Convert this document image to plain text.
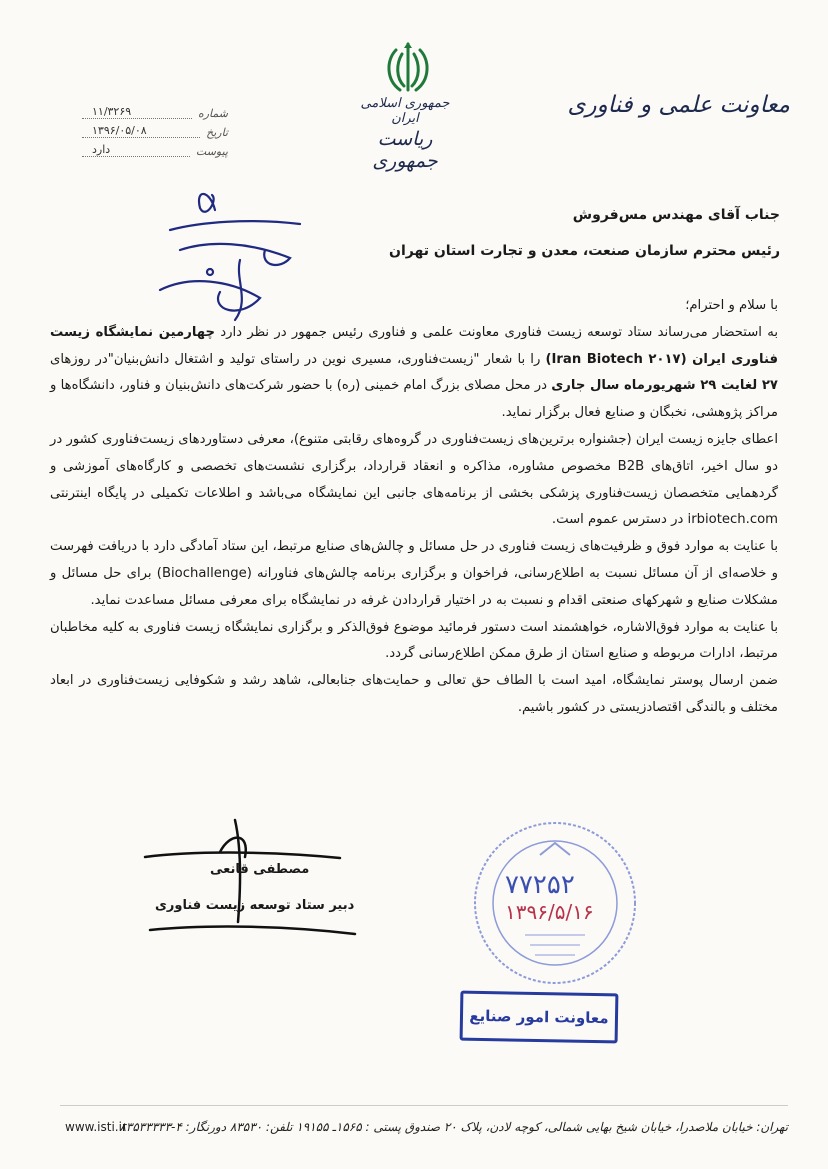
جمهوری اسلامی ایران
ریاست جمهوری
معاونت علمی و فناوری
شماره
۱۱/۳۲۶۹
تاریخ
۱۳۹۶/۰۵/۰۸
پیوست
دارد
جناب آقای مهندس مس‌فروش
رئیس محترم سازمان صنعت، معدن و تجارت استان تهران

با سلام و احترام؛

به استحضار می‌رساند ستاد توسعه زیست فناوری معاونت علمی و فناوری رئیس جمهور در نظر دارد چهارمین نمایشگاه زیست فناوری ایران (Iran Biotech ۲۰۱۷) را با شعار "زیست‌فناوری، مسیری نوین در راستای تولید و اشتغال دانش‌بنیان"در روزهای ۲۷ لغایت ۲۹ شهریورماه سال جاری در محل مصلای بزرگ امام خمینی (ره) با حضور شرکت‌های دانش‌بنیان و فناور، دانشگاه‌ها و مراکز پژوهشی، نخبگان و صنایع فعال برگزار نماید.

اعطای جایزه زیست ایران (جشنواره برترین‌های زیست‌فناوری در گروه‌های رقابتی متنوع)، معرفی دستاوردهای زیست‌فناوری کشور در دو سال اخیر، اتاق‌های B2B مخصوص مشاوره، مذاکره و انعقاد قرارداد، برگزاری نشست‌های تخصصی و کارگاه‌های آموزشی و گردهمایی متخصصان زیست‌فناوری پزشکی بخشی از برنامه‌های جانبی این نمایشگاه می‌باشد و اطلاعات تکمیلی در پایگاه اینترنتی irbiotech.com در دسترس عموم است.

با عنایت به موارد فوق و ظرفیت‌های زیست فناوری در حل مسائل و چالش‌های صنایع مرتبط، این ستاد آمادگی دارد با دریافت فهرست و خلاصه‌ای از آن مسائل نسبت به اطلاع‌رسانی، فراخوان و برگزاری برنامه چالش‌های فناورانه (Biochallenge) برای حل مسائل و مشکلات صنایع و شهرکهای صنعتی اقدام و نسبت به در اختیار قراردادن غرفه در نمایشگاه برای معرفی مسائل مساعدت نماید.

با عنایت به موارد فوق‌الاشاره، خواهشمند است دستور فرمائید موضوع فوق‌الذکر و برگزاری نمایشگاه زیست فناوری به کلیه مخاطبان مرتبط، ادارات مربوطه و صنایع استان از طرق ممکن اطلاع‌رسانی گردد.

ضمن ارسال پوستر نمایشگاه، امید است با الطاف حق تعالی و حمایت‌های جنابعالی، شاهد رشد و شکوفایی زیست‌فناوری در ابعاد مختلف و بالندگی اقتصادزیستی در کشور باشیم.

مصطفی قانعی
دبیر ستاد توسعه زیست فناوری
۷۷۲۵۲
۱۳۹۶/۵/۱۶
معاونت امور صنایع
تهران: خیابان ملاصدرا، خیابان شیخ بهایی شمالی، کوچه لادن، پلاک ۲۰ صندوق پستی : ۱۵۶۵ـ ۱۹۱۵۵ تلفن: ۸۳۵۳۰ دورنگار: ۴-۸۳۵۳۳۳۳۳
www.isti.ir
